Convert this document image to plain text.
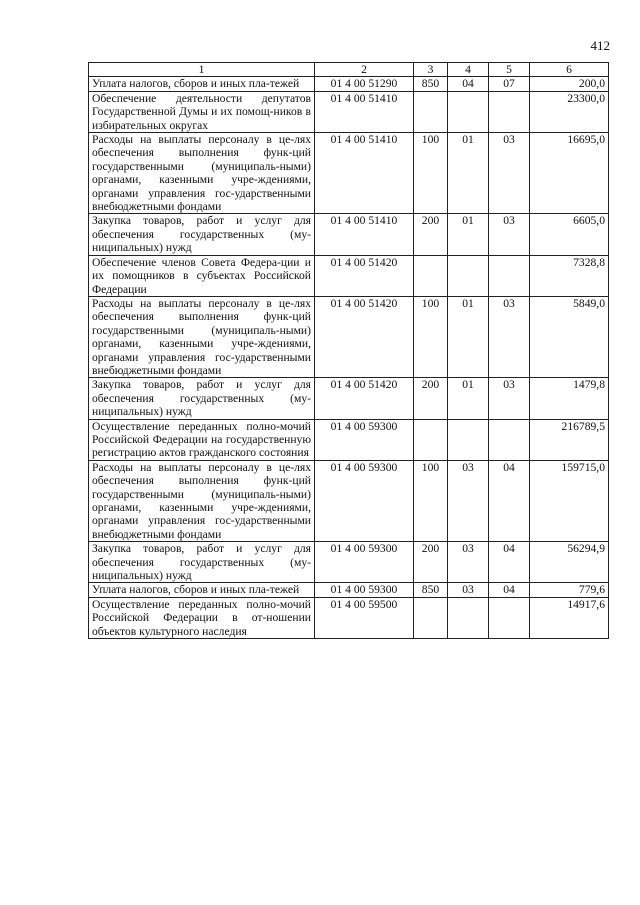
412
1	2	3	4	5	6
Уплата налогов, сборов и иных пла-тежей	01 4 00 51290	850	04	07	200,0
Обеспечение деятельности депутатов Государственной Думы и их помощ-ников в избирательных округах	01 4 00 51410				23300,0
Расходы на выплаты персоналу в це-лях обеспечения выполнения функ-ций государственными (муниципаль-ными) органами, казенными учре-ждениями, органами управления гос-ударственными внебюджетными фондами	01 4 00 51410	100	01	03	16695,0
Закупка товаров, работ и услуг для обеспечения государственных (му-ниципальных) нужд	01 4 00 51410	200	01	03	6605,0
Обеспечение членов Совета Федера-ции и их помощников в субъектах Российской Федерации	01 4 00 51420				7328,8
Расходы на выплаты персоналу в це-лях обеспечения выполнения функ-ций государственными (муниципаль-ными) органами, казенными учре-ждениями, органами управления гос-ударственными внебюджетными фондами	01 4 00 51420	100	01	03	5849,0
Закупка товаров, работ и услуг для обеспечения государственных (му-ниципальных) нужд	01 4 00 51420	200	01	03	1479,8
Осуществление переданных полно-мочий Российской Федерации на государственную регистрацию актов гражданского состояния	01 4 00 59300				216789,5
Расходы на выплаты персоналу в це-лях обеспечения выполнения функ-ций государственными (муниципаль-ными) органами, казенными учре-ждениями, органами управления гос-ударственными внебюджетными фондами	01 4 00 59300	100	03	04	159715,0
Закупка товаров, работ и услуг для обеспечения государственных (му-ниципальных) нужд	01 4 00 59300	200	03	04	56294,9
Уплата налогов, сборов и иных пла-тежей	01 4 00 59300	850	03	04	779,6
Осуществление переданных полно-мочий Российской Федерации в от-ношении объектов культурного наследия	01 4 00 59500				14917,6
